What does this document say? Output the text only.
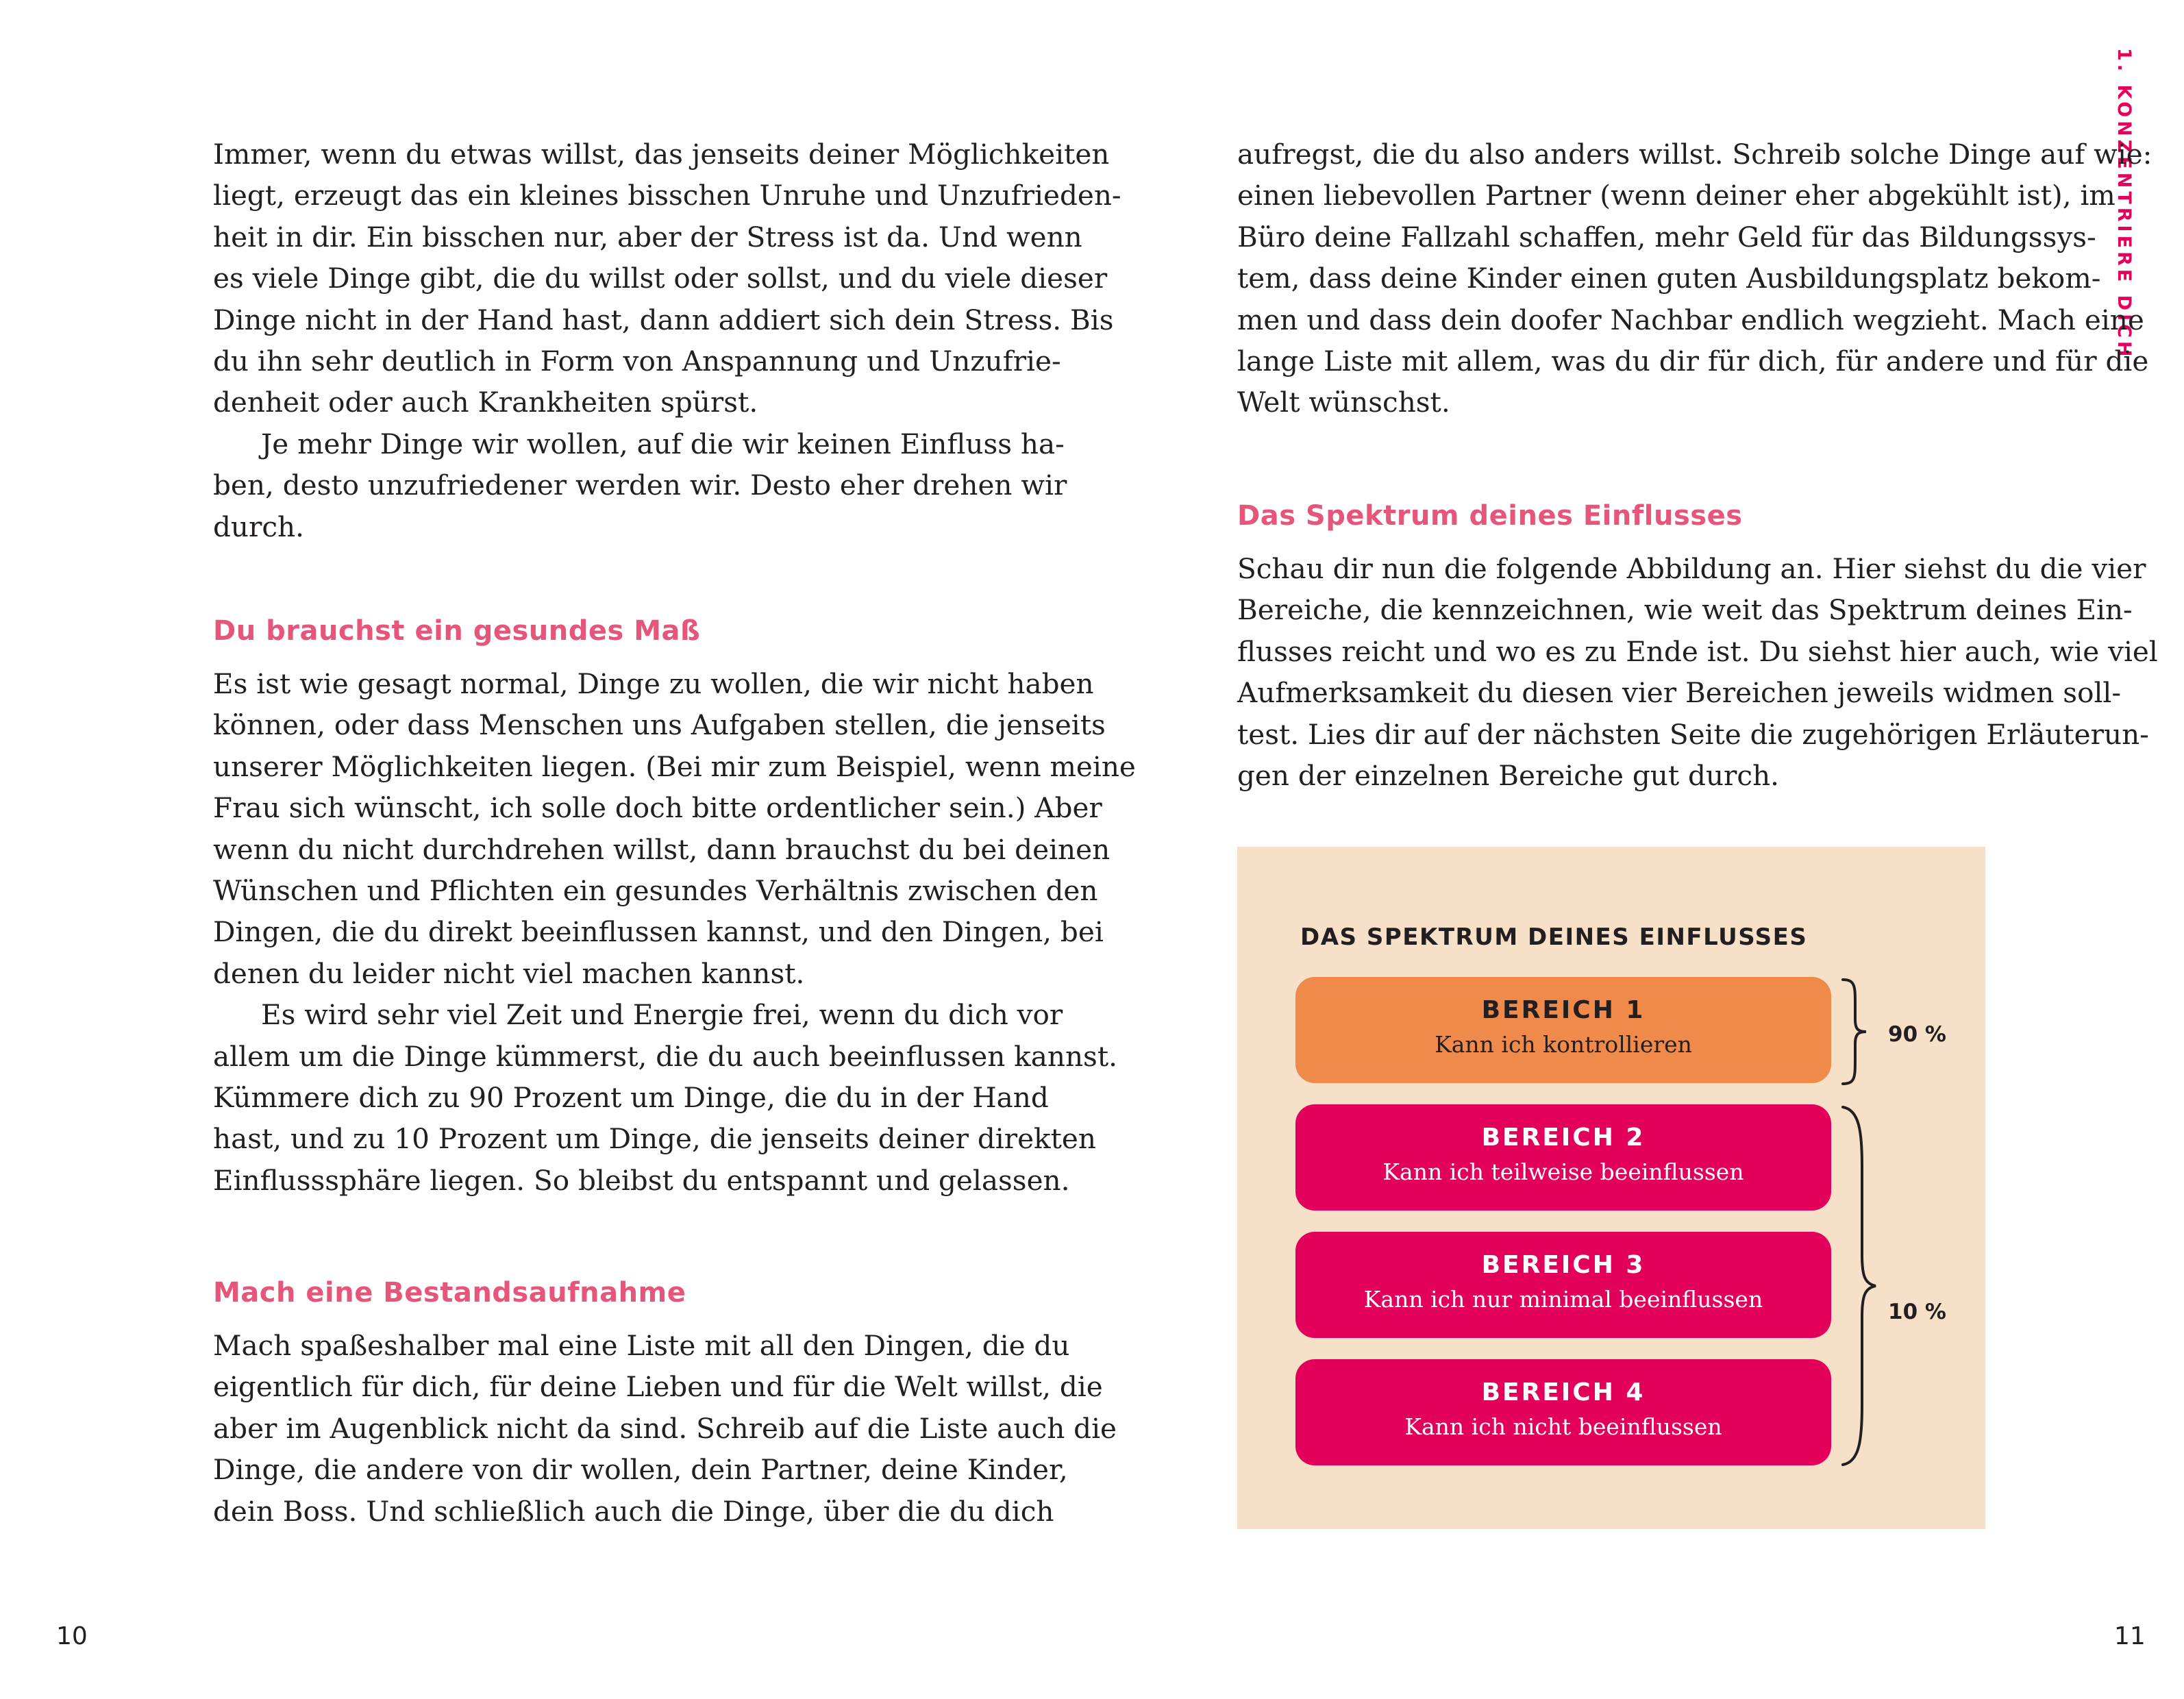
1. KONZENTRIERE DICH

Immer, wenn du etwas willst, das jenseits deiner Möglichkeiten
liegt, erzeugt das ein kleines bisschen Unruhe und Unzufrieden-
heit in dir. Ein bisschen nur, aber der Stress ist da. Und wenn
es viele Dinge gibt, die du willst oder sollst, und du viele dieser
Dinge nicht in der Hand hast, dann addiert sich dein Stress. Bis
du ihn sehr deutlich in Form von Anspannung und Unzufrie-
denheit oder auch Krankheiten spürst.

Je mehr Dinge wir wollen, auf die wir keinen Einfluss ha-
ben, desto unzufriedener werden wir. Desto eher drehen wir
durch.

Du brauchst ein gesundes Maß

Es ist wie gesagt normal, Dinge zu wollen, die wir nicht haben
können, oder dass Menschen uns Aufgaben stellen, die jenseits
unserer Möglichkeiten liegen. (Bei mir zum Beispiel, wenn meine
Frau sich wünscht, ich solle doch bitte ordentlicher sein.) Aber
wenn du nicht durchdrehen willst, dann brauchst du bei deinen
Wünschen und Pflichten ein gesundes Verhältnis zwischen den
Dingen, die du direkt beeinflussen kannst, und den Dingen, bei
denen du leider nicht viel machen kannst.

Es wird sehr viel Zeit und Energie frei, wenn du dich vor
allem um die Dinge kümmerst, die du auch beeinflussen kannst.
Kümmere dich zu 90 Prozent um Dinge, die du in der Hand
hast, und zu 10 Prozent um Dinge, die jenseits deiner direkten
Einflusssphäre liegen. So bleibst du entspannt und gelassen.

Mach eine Bestandsaufnahme

Mach spaßeshalber mal eine Liste mit all den Dingen, die du
eigentlich für dich, für deine Lieben und für die Welt willst, die
aber im Augenblick nicht da sind. Schreib auf die Liste auch die
Dinge, die andere von dir wollen, dein Partner, deine Kinder,
dein Boss. Und schließlich auch die Dinge, über die du dich

aufregst, die du also anders willst. Schreib solche Dinge auf wie:
einen liebevollen Partner (wenn deiner eher abgekühlt ist), im
Büro deine Fallzahl schaffen, mehr Geld für das Bildungssys-
tem, dass deine Kinder einen guten Ausbildungsplatz bekom-
men und dass dein doofer Nachbar endlich wegzieht. Mach eine
lange Liste mit allem, was du dir für dich, für andere und für die
Welt wünschst.

Das Spektrum deines Einflusses

Schau dir nun die folgende Abbildung an. Hier siehst du die vier
Bereiche, die kennzeichnen, wie weit das Spektrum deines Ein-
flusses reicht und wo es zu Ende ist. Du siehst hier auch, wie viel
Aufmerksamkeit du diesen vier Bereichen jeweils widmen soll-
test. Lies dir auf der nächsten Seite die zugehörigen Erläuterun-
gen der einzelnen Bereiche gut durch.

DAS SPEKTRUM DEINES EINFLUSSES
BEREICH 1
Kann ich kontrollieren
BEREICH 2
Kann ich teilweise beeinflussen
BEREICH 3
Kann ich nur minimal beeinflussen
BEREICH 4
Kann ich nicht beeinflussen
90 %
10 %
10	11
